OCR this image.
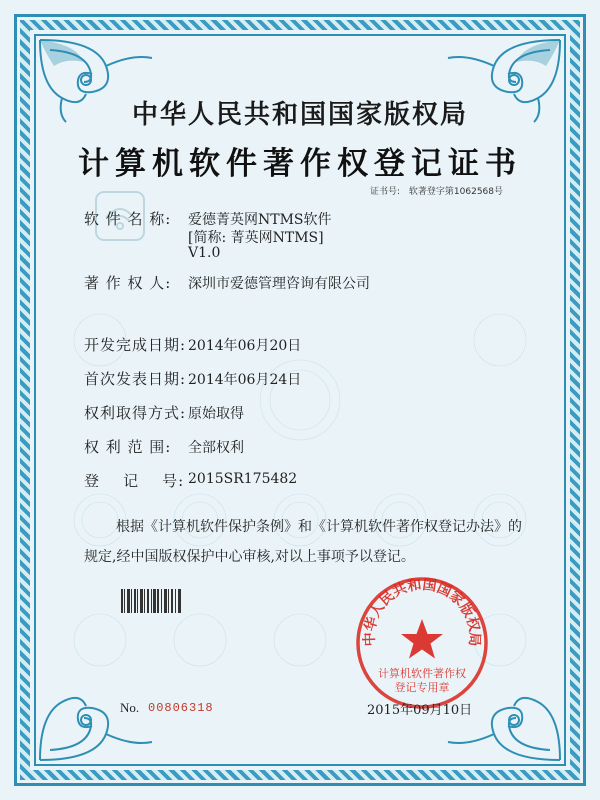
中华人民共和国国家版权局
计算机软件著作权登记证书
证书号: 软著登字第1062568号
软 件 名 称: 爱德菁英网NTMS软件
[简称: 菁英网NTMS]
V1.0
著 作 权 人: 深圳市爱德管理咨询有限公司
开发完成日期: 2014年06月20日
首次发表日期: 2014年06月24日
权利取得方式: 原始取得
权 利 范 围: 全部权利
登    记    号: 2015SR175482
根据《计算机软件保护条例》和《计算机软件著作权登记办法》的
规定,经中国版权保护中心审核,对以上事项予以登记。
中华人民共和国国家版权局
计算机软件著作权
登记专用章
No. 00806318	2015年09月10日
